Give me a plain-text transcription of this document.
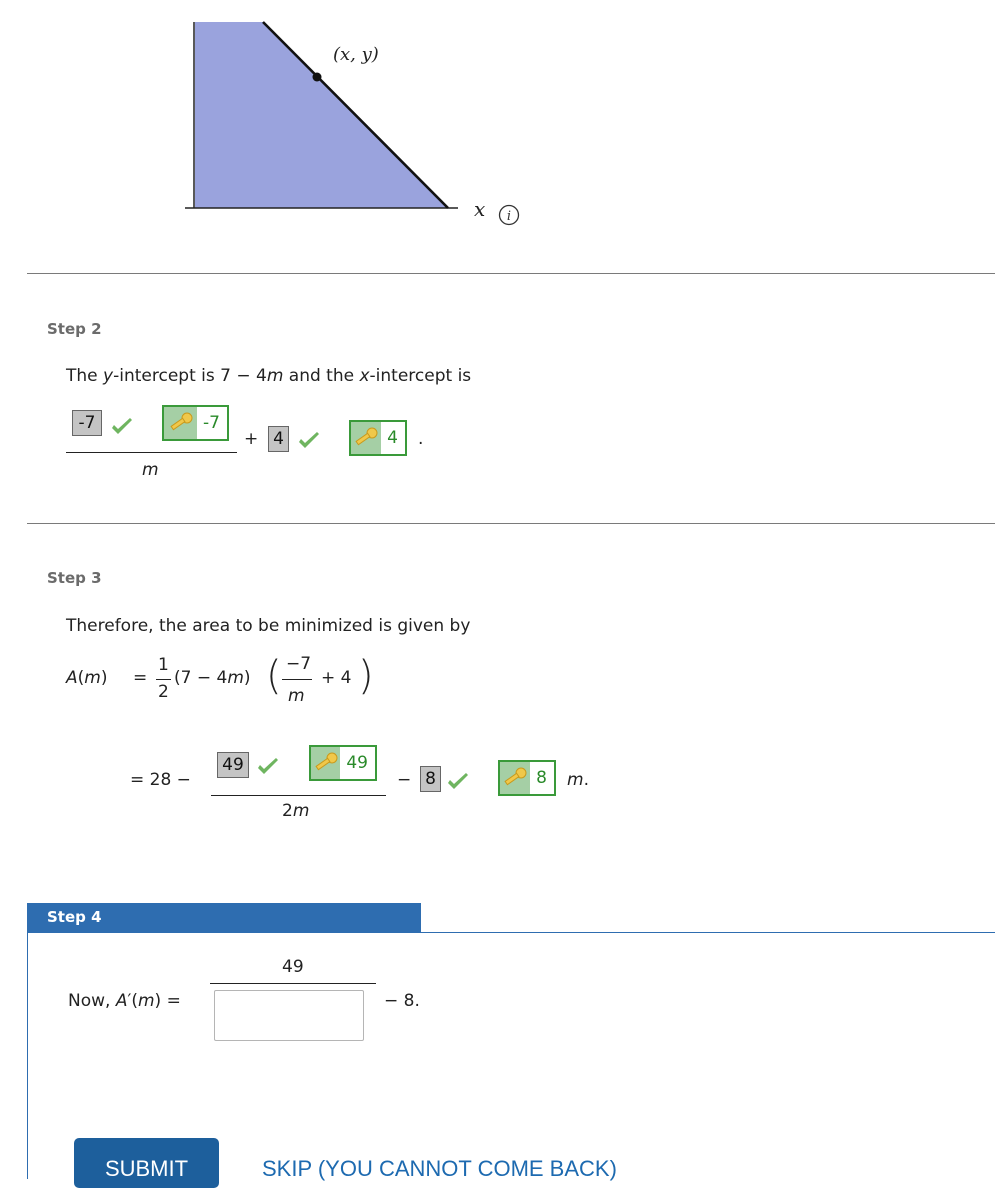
(x, y)
x i
Step 2
The y-intercept is 7 − 4m and the x-intercept is
-7	-7
m
+ 4	4	.
Step 3
Therefore, the area to be minimized is given by
A(m) =
1
2
(7 − 4m) ( −7
m
+ 4 )
= 28 −
49	49
2m
− 8	8	m.
Step 4
49
Now, A′(m) =	− 8.
SUBMIT	SKIP (YOU CANNOT COME BACK)
